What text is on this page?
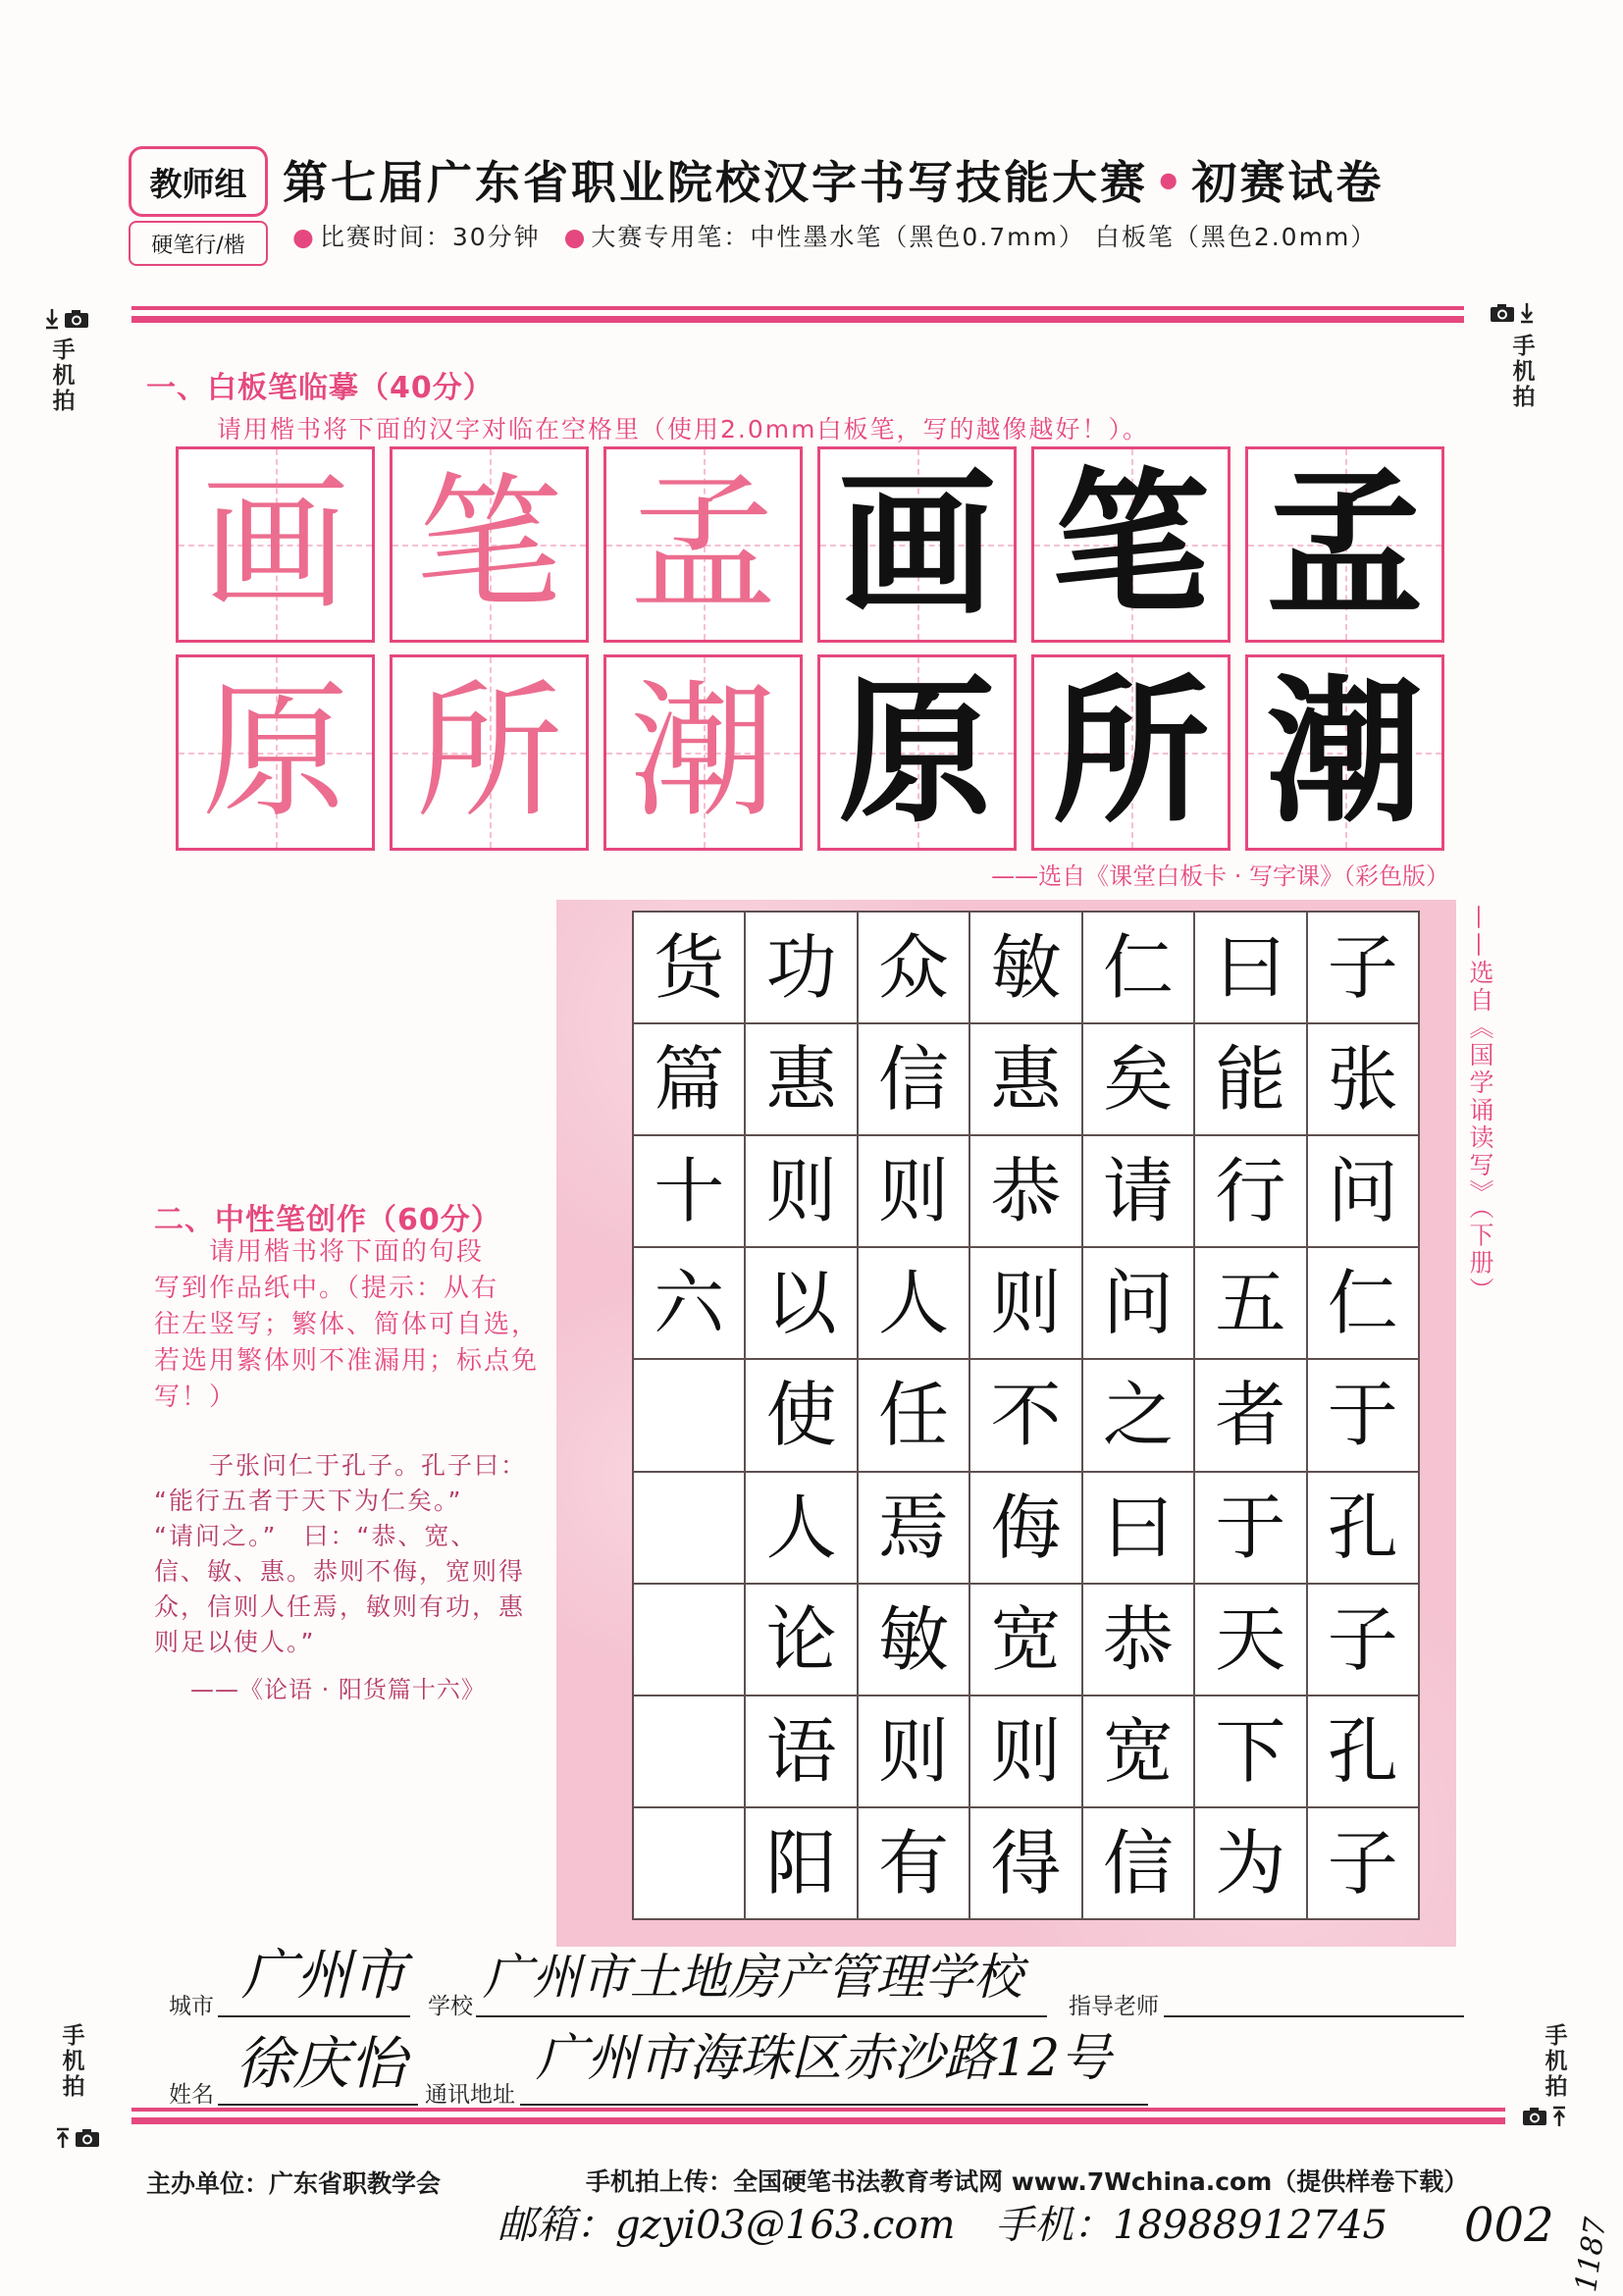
教师组
硬笔行/楷
第七届广东省职业院校汉字书写技能大赛 • 初赛试卷
● 比赛时间：30分钟 ● 大赛专用笔：中性墨水笔（黑色0.7mm） 白板笔（黑色2.0mm）
手
机
拍
手
机
拍
一、白板笔临摹（40分）
请用楷书将下面的汉字对临在空格里（使用2.0mm白板笔，写的越像越好！）。
画 笔 孟 画 笔 孟
原 所 潮 原 所 潮
——选自《课堂白板卡 · 写字课》（彩色版）
货 功 众 敏 仁 曰 子
篇 惠 信 惠 矣 能 张
十 则 则 恭 请 行 问
六 以 人 则 问 五 仁
使 任 不 之 者 于
人 焉 侮 曰 于 孔
论 敏 宽 恭 天 子
语 则 则 宽 下 孔
阳 有 得 信 为 子
——选自《国学诵读写》（下册）
二、中性笔创作（60分）
请用楷书将下面的句段
写到作品纸中。（提示：从右
往左竖写；繁体、简体可自选，
若选用繁体则不准漏用；标点免
写！）
子张问仁于孔子。孔子曰：
“能行五者于天下为仁矣。”
“请问之。”　曰：“恭、宽、
信、敏、惠。恭则不侮，宽则得
众，信则人任焉，敏则有功，惠
则足以使人。”
——《论语 · 阳货篇十六》
城市 广州市 学校
广州市土地房产管理学校
指导老师
姓名 徐庆怡 通讯地址
广州市海珠区赤沙路12号
手
机
拍
手
机
拍
主办单位：广东省职教学会	手机拍上传：全国硬笔书法教育考试网 www.7Wchina.com（提供样卷下载）
邮箱：gzyi03@163.com 手机：18988912745 002 1187
